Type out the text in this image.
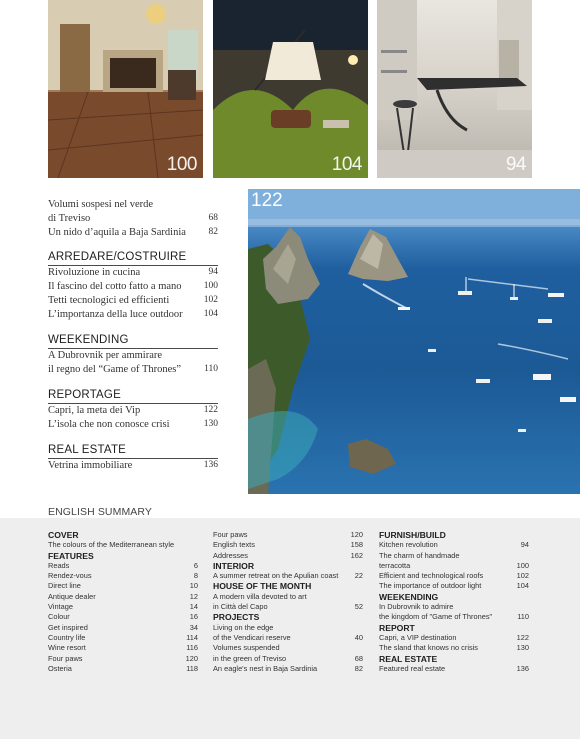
100	104	94
Volumi sospesi nel verde
di Treviso	68
Un nido d’aquila a Baja Sardinia 82
ARREDARE/COSTRUIRE
Rivoluzione in cucina	94
Il fascino del cotto fatto a mano 100
Tetti tecnologici ed efficienti	102
L’importanza della luce outdoor 104
WEEKENDING
A Dubrovnik per ammirare
il regno del “Game of Thrones” 110
REPORTAGE
Capri, la meta dei Vip	122
L’isola che non conosce crisi	130
REAL ESTATE
Vetrina immobiliare	136
122
ENGLISH SUMMARY
COVER
The colours of the Mediterranean style
FEATURES
Reads	6
Rendez-vous	8
Direct line	10
Antique dealer	12
Vintage	14
Colour	16
Get inspired	34
Country life	114
Wine resort	116
Four paws	120
Osteria	118
Four paws	120
English texts	158
Addresses	162
INTERIOR
A summer retreat on the Apulian coast 22
HOUSE OF THE MONTH
A modern villa devoted to art
in Città del Capo	52
PROJECTS
Living on the edge
of the Vendicari reserve	40
Volumes suspended
in the green of Treviso	68
An eagle's nest in Baja Sardinia	82
FURNISH/BUILD
Kitchen revolution	94
The charm of handmade
terracotta	100
Efficient and technological roofs	102
The importance of outdoor light	104
WEEKENDING
In Dubrovnik to admire
the kingdom of "Game of Thrones"	110
REPORT
Capri, a VIP destination	122
The sland that knows no crisis	130
REAL ESTATE
Featured real estate	136
